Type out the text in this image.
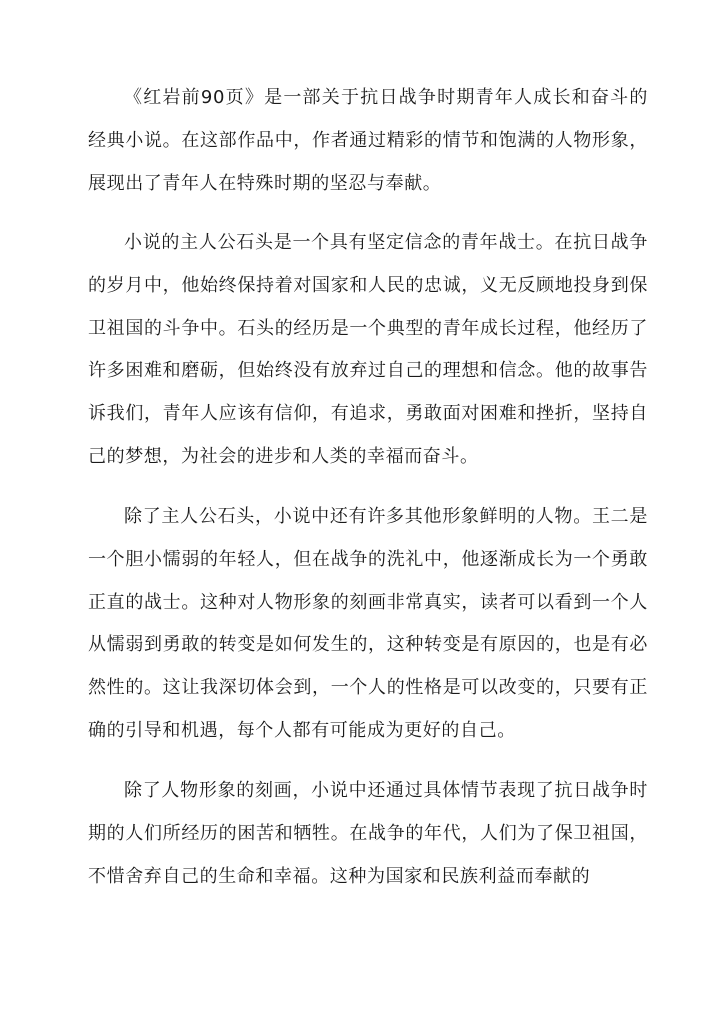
《红岩前90页》是一部关于抗日战争时期青年人成长和奋斗的经典小说。在这部作品中，作者通过精彩的情节和饱满的人物形象，展现出了青年人在特殊时期的坚忍与奉献。

小说的主人公石头是一个具有坚定信念的青年战士。在抗日战争的岁月中，他始终保持着对国家和人民的忠诚，义无反顾地投身到保卫祖国的斗争中。石头的经历是一个典型的青年成长过程，他经历了许多困难和磨砺，但始终没有放弃过自己的理想和信念。他的故事告诉我们，青年人应该有信仰，有追求，勇敢面对困难和挫折，坚持自己的梦想，为社会的进步和人类的幸福而奋斗。

除了主人公石头，小说中还有许多其他形象鲜明的人物。王二是一个胆小懦弱的年轻人，但在战争的洗礼中，他逐渐成长为一个勇敢正直的战士。这种对人物形象的刻画非常真实，读者可以看到一个人从懦弱到勇敢的转变是如何发生的，这种转变是有原因的，也是有必然性的。这让我深切体会到，一个人的性格是可以改变的，只要有正确的引导和机遇，每个人都有可能成为更好的自己。

除了人物形象的刻画，小说中还通过具体情节表现了抗日战争时期的人们所经历的困苦和牺牲。在战争的年代，人们为了保卫祖国，不惜舍弃自己的生命和幸福。这种为国家和民族利益而奉献的
